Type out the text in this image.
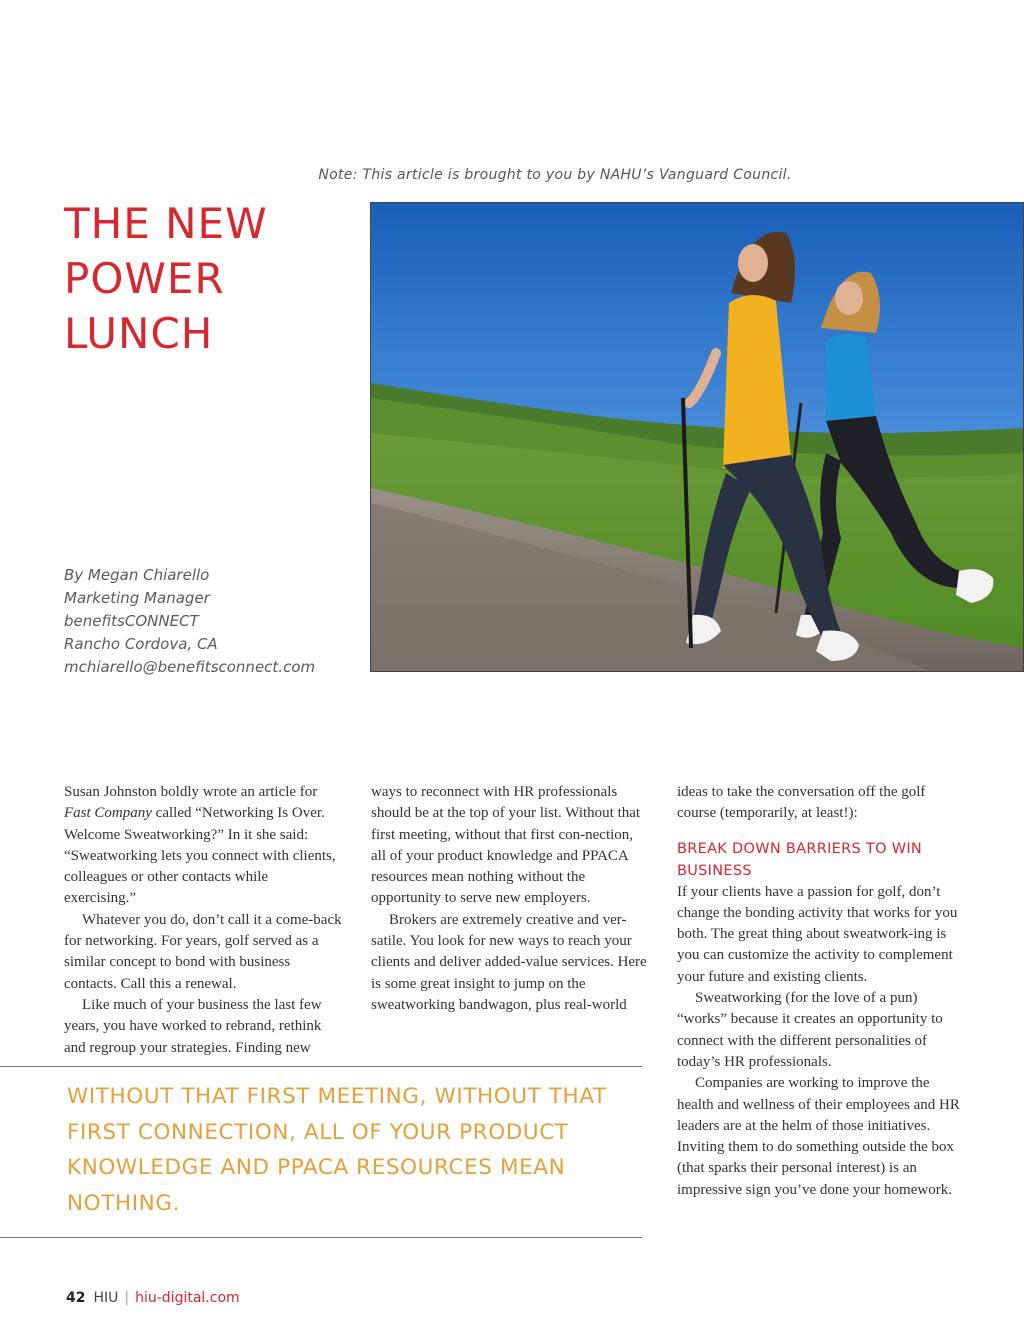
Note: This article is brought to you by NAHU’s Vanguard Council.
THE NEW
POWER
LUNCH
By Megan Chiarello
Marketing Manager
benefitsCONNECT
Rancho Cordova, CA
mchiarello@benefitsconnect.com

Susan Johnston boldly wrote an article for Fast Company called “Networking Is Over. Welcome Sweatworking?” In it she said: “Sweatworking lets you connect with clients, colleagues or other contacts while exercising.”

Whatever you do, don’t call it a come-back for networking. For years, golf served as a similar concept to bond with business contacts. Call this a renewal.

Like much of your business the last few years, you have worked to rebrand, rethink and regroup your strategies. Finding new

ways to reconnect with HR professionals should be at the top of your list. Without that first meeting, without that first con-nection, all of your product knowledge and PPACA resources mean nothing without the opportunity to serve new employers.

Brokers are extremely creative and ver-satile. You look for new ways to reach your clients and deliver added-value services. Here is some great insight to jump on the sweatworking bandwagon, plus real-world

ideas to take the conversation off the golf course (temporarily, at least!):

BREAK DOWN BARRIERS TO WIN BUSINESS

If your clients have a passion for golf, don’t change the bonding activity that works for you both. The great thing about sweatwork-ing is you can customize the activity to complement your future and existing clients.

Sweatworking (for the love of a pun) “works” because it creates an opportunity to connect with the different personalities of today’s HR professionals.

Companies are working to improve the health and wellness of their employees and HR leaders are at the helm of those initiatives. Inviting them to do something outside the box (that sparks their personal interest) is an impressive sign you’ve done your homework.

WITHOUT THAT FIRST MEETING, WITHOUT THAT FIRST CONNECTION, ALL OF YOUR PRODUCT KNOWLEDGE AND PPACA RESOURCES MEAN NOTHING.

42 HIU | hiu-digital.com
